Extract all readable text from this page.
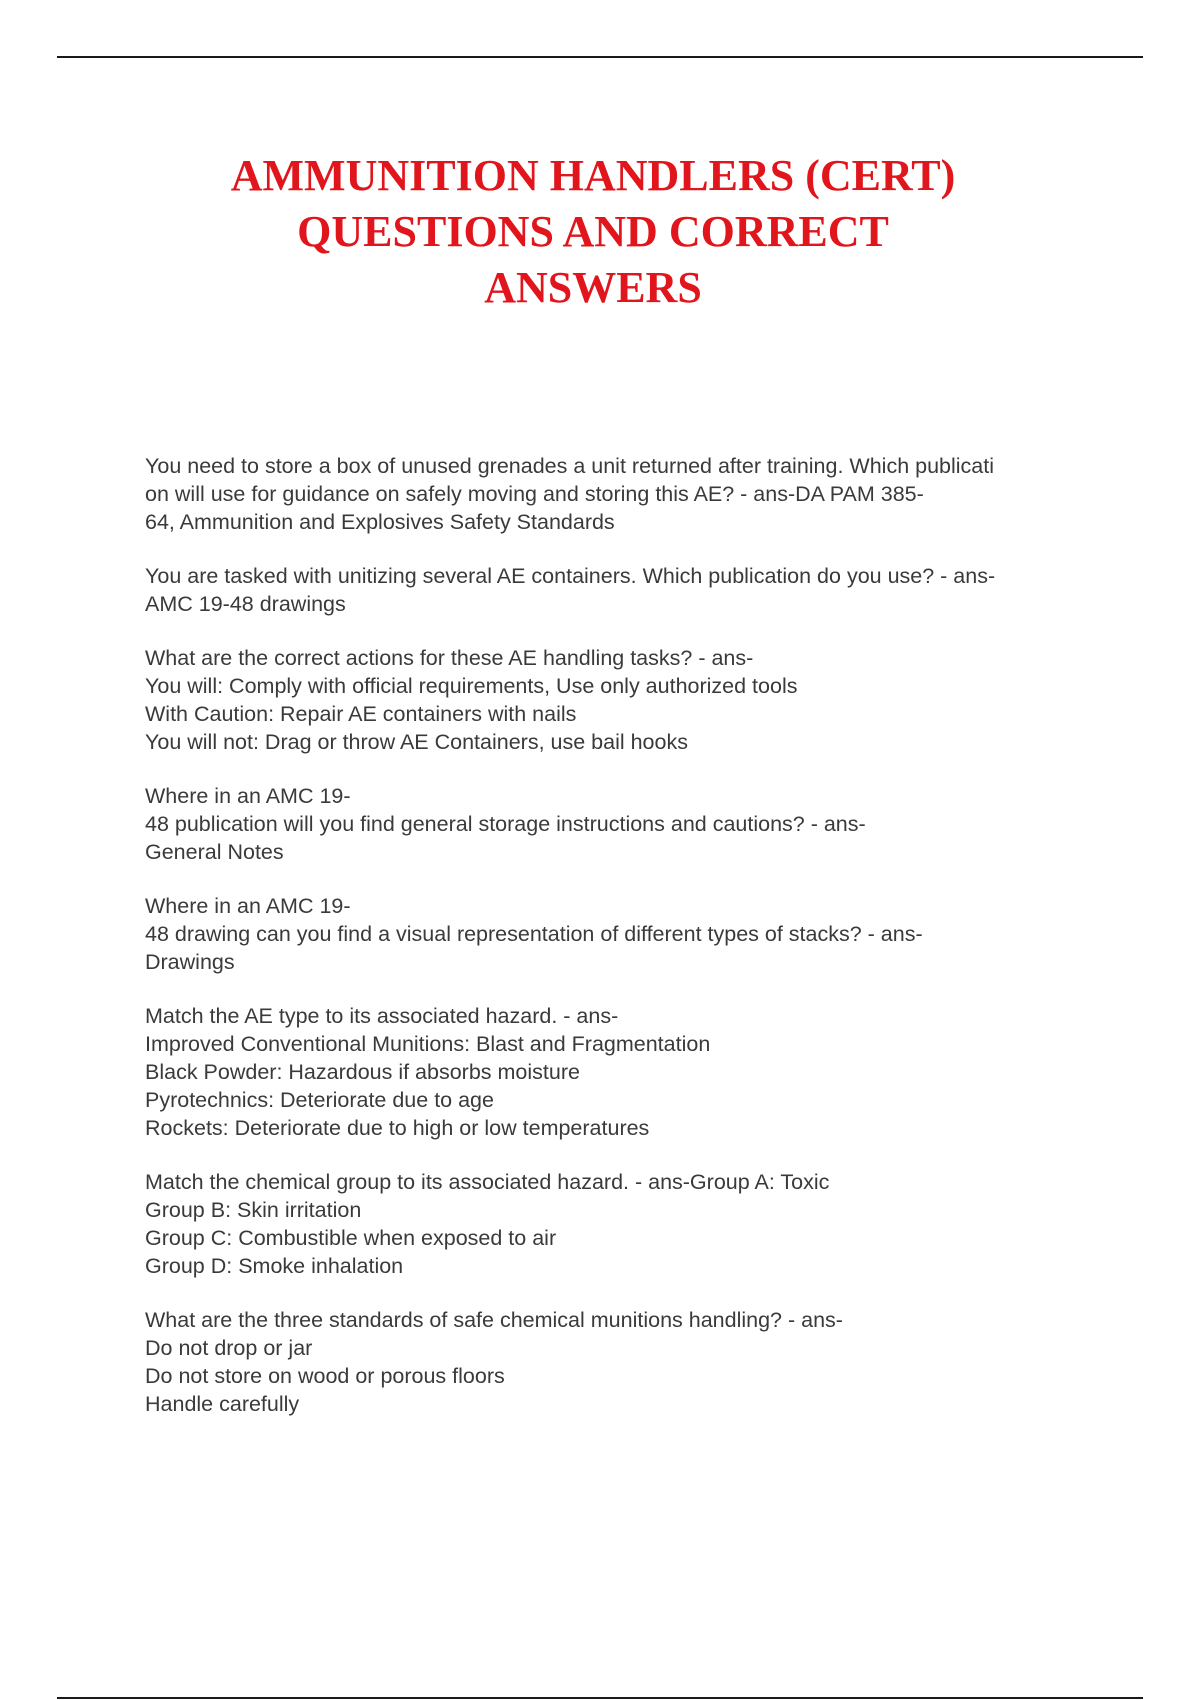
AMMUNITION HANDLERS (CERT)
QUESTIONS AND CORRECT
ANSWERS
You need to store a box of unused grenades a unit returned after training. Which publicati
on will use for guidance on safely moving and storing this AE? - ans-DA PAM 385-
64, Ammunition and Explosives Safety Standards
You are tasked with unitizing several AE containers. Which publication do you use? - ans-
AMC 19-48 drawings
What are the correct actions for these AE handling tasks? - ans-
You will: Comply with official requirements, Use only authorized tools
With Caution: Repair AE containers with nails
You will not: Drag or throw AE Containers, use bail hooks
Where in an AMC 19-
48 publication will you find general storage instructions and cautions? - ans-
General Notes
Where in an AMC 19-
48 drawing can you find a visual representation of different types of stacks? - ans-
Drawings
Match the AE type to its associated hazard. - ans-
Improved Conventional Munitions: Blast and Fragmentation
Black Powder: Hazardous if absorbs moisture
Pyrotechnics: Deteriorate due to age
Rockets: Deteriorate due to high or low temperatures
Match the chemical group to its associated hazard. - ans-Group A: Toxic
Group B: Skin irritation
Group C: Combustible when exposed to air
Group D: Smoke inhalation
What are the three standards of safe chemical munitions handling? - ans-
Do not drop or jar
Do not store on wood or porous floors
Handle carefully
